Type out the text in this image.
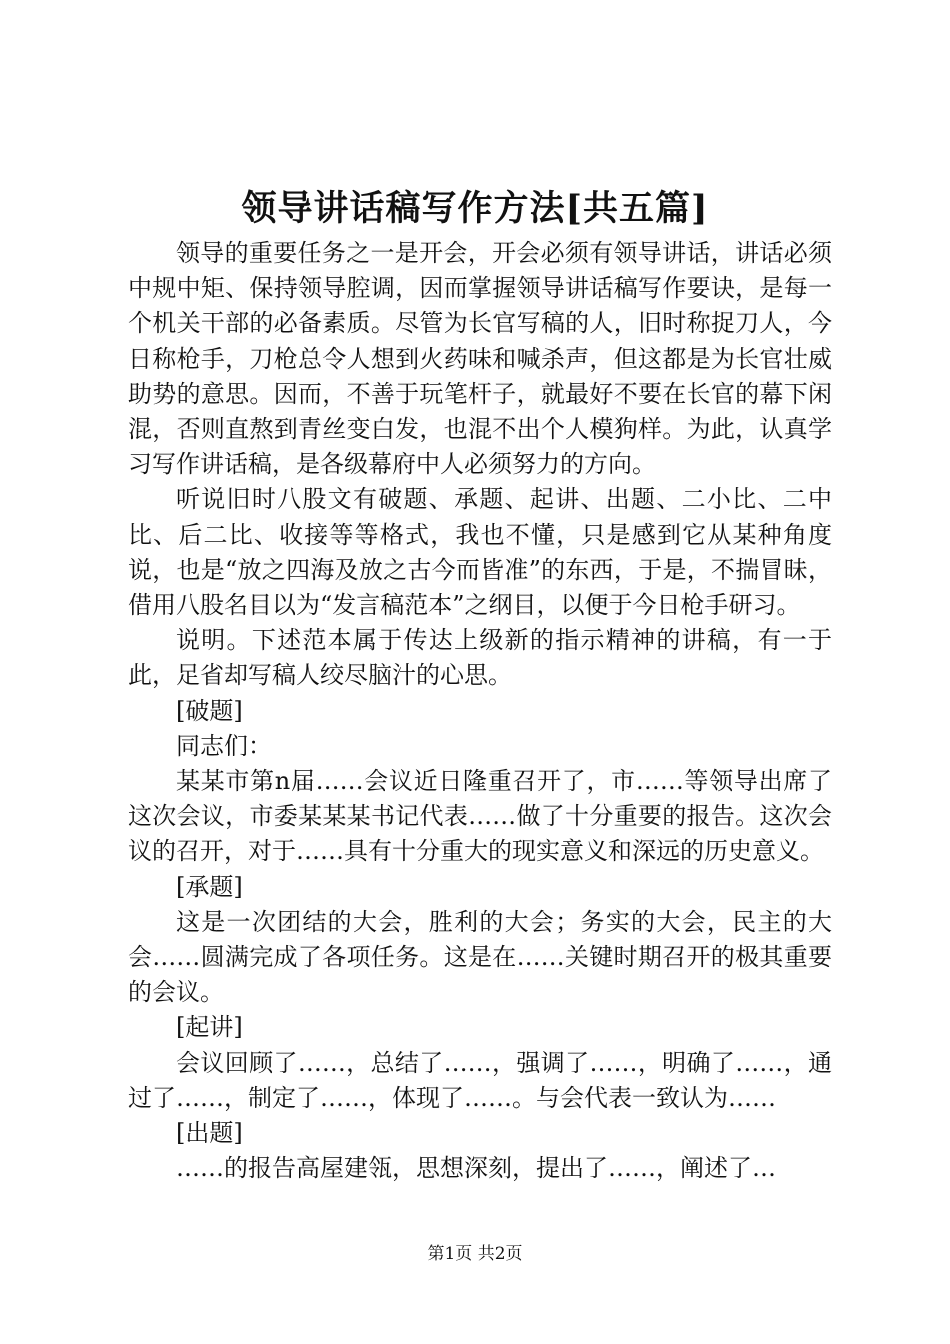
领导讲话稿写作方法[共五篇]

领导的重要任务之一是开会，开会必须有领导讲话，讲话必须中规中矩、保持领导腔调，因而掌握领导讲话稿写作要诀，是每一个机关干部的必备素质。尽管为长官写稿的人，旧时称捉刀人，今日称枪手，刀枪总令人想到火药味和喊杀声，但这都是为长官壮威助势的意思。因而，不善于玩笔杆子，就最好不要在长官的幕下闲混，否则直熬到青丝变白发，也混不出个人模狗样。为此，认真学习写作讲话稿，是各级幕府中人必须努力的方向。

听说旧时八股文有破题、承题、起讲、出题、二小比、二中比、后二比、收接等等格式，我也不懂，只是感到它从某种角度说，也是“放之四海及放之古今而皆准”的东西，于是，不揣冒昧，借用八股名目以为“发言稿范本”之纲目，以便于今日枪手研习。

说明。下述范本属于传达上级新的指示精神的讲稿，有一于此，足省却写稿人绞尽脑汁的心思。

[破题]

同志们：

某某市第n届……会议近日隆重召开了，市……等领导出席了这次会议，市委某某某书记代表……做了十分重要的报告。这次会议的召开，对于……具有十分重大的现实意义和深远的历史意义。

[承题]

这是一次团结的大会，胜利的大会；务实的大会，民主的大会……圆满完成了各项任务。这是在……关键时期召开的极其重要的会议。

[起讲]

会议回顾了……，总结了……，强调了……，明确了……，通过了……，制定了……，体现了……。与会代表一致认为……

[出题]

……的报告高屋建瓴，思想深刻，提出了……，阐述了…

第1页 共2页
